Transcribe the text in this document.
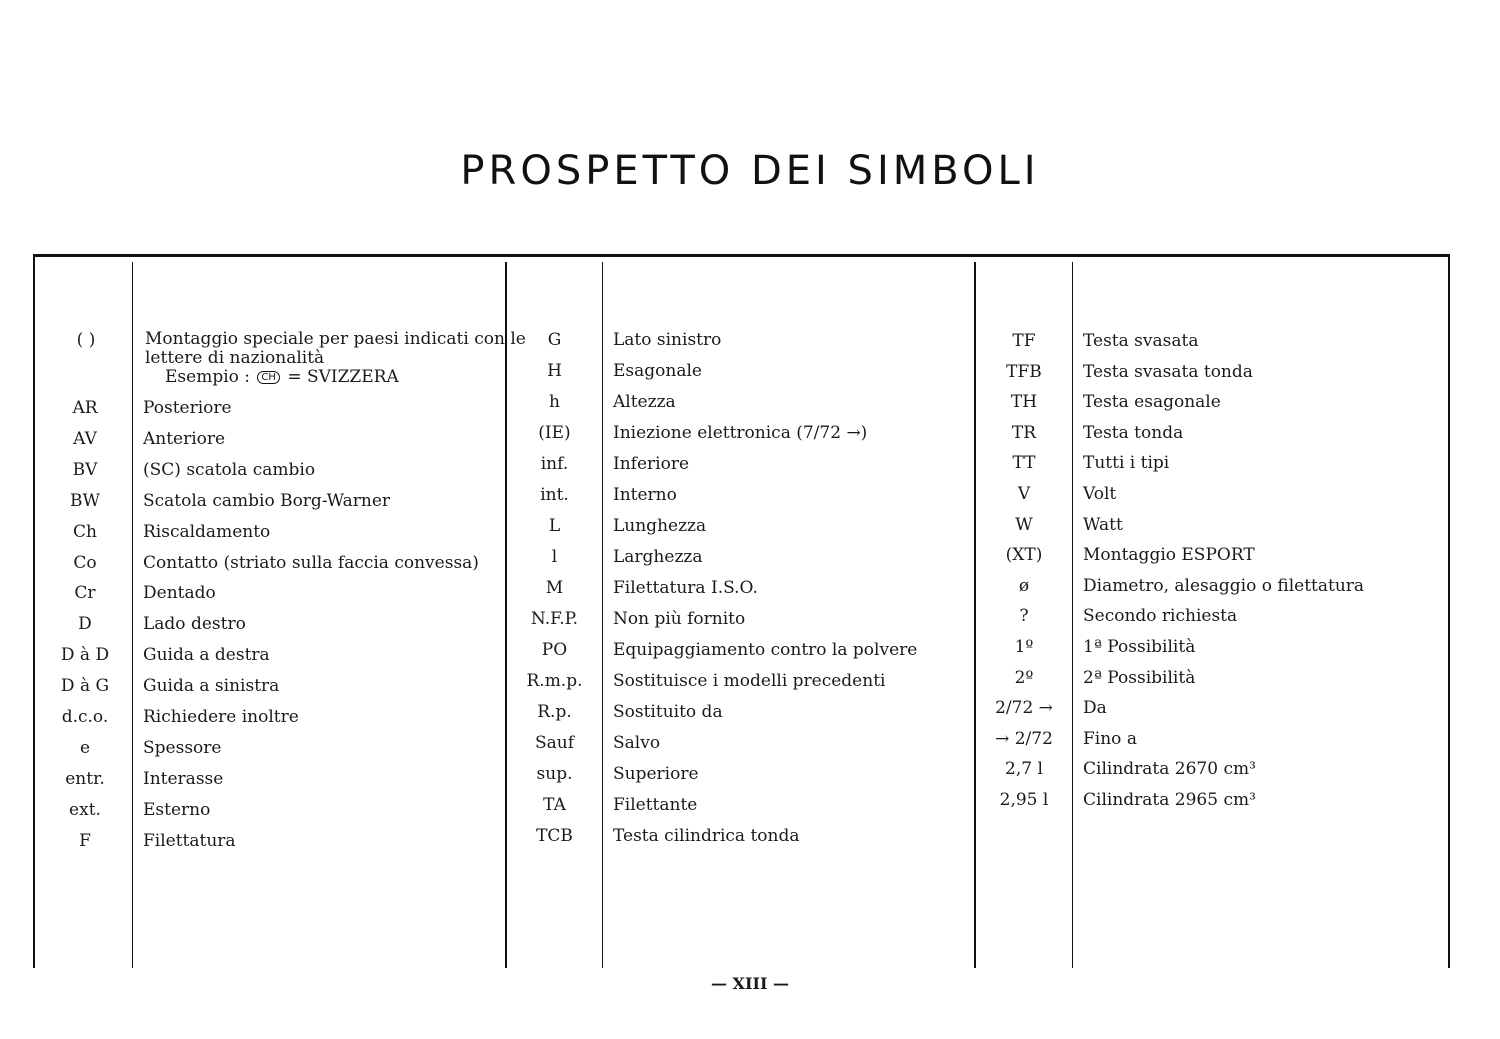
PROSPETTO DEI SIMBOLI
( )	Montaggio speciale per paesi indicati con le
lettere di nazionalità
Esempio : CH = SVIZZERA
AR	Posteriore
AV	Anteriore
BV	(SC) scatola cambio
BW	Scatola cambio Borg-Warner
Ch	Riscaldamento
Co	Contatto (striato sulla faccia convessa)
Cr	Dentado
D	Lado destro
D à D	Guida a destra
D à G	Guida a sinistra
d.c.o.	Richiedere inoltre
e	Spessore
entr.	Interasse
ext.	Esterno
F	Filettatura
G	Lato sinistro
H	Esagonale
h	Altezza
(IE)	Iniezione elettronica (7/72 →)
inf.	Inferiore
int.	Interno
L	Lunghezza
l	Larghezza
M	Filettatura I.S.O.
N.F.P.	Non più fornito
PO	Equipaggiamento contro la polvere
R.m.p.	Sostituisce i modelli precedenti
R.p.	Sostituito da
Sauf	Salvo
sup.	Superiore
TA	Filettante
TCB	Testa cilindrica tonda
TF	Testa svasata
TFB	Testa svasata tonda
TH	Testa esagonale
TR	Testa tonda
TT	Tutti i tipi
V	Volt
W	Watt
(XT)	Montaggio ESPORT
ø	Diametro, alesaggio o filettatura
?	Secondo richiesta
1º	1ª Possibilità
2º	2ª Possibilità
2/72 →	Da
→ 2/72	Fino a
2,7 l	Cilindrata 2670 cm³
2,95 l	Cilindrata 2965 cm³
— XIII —
